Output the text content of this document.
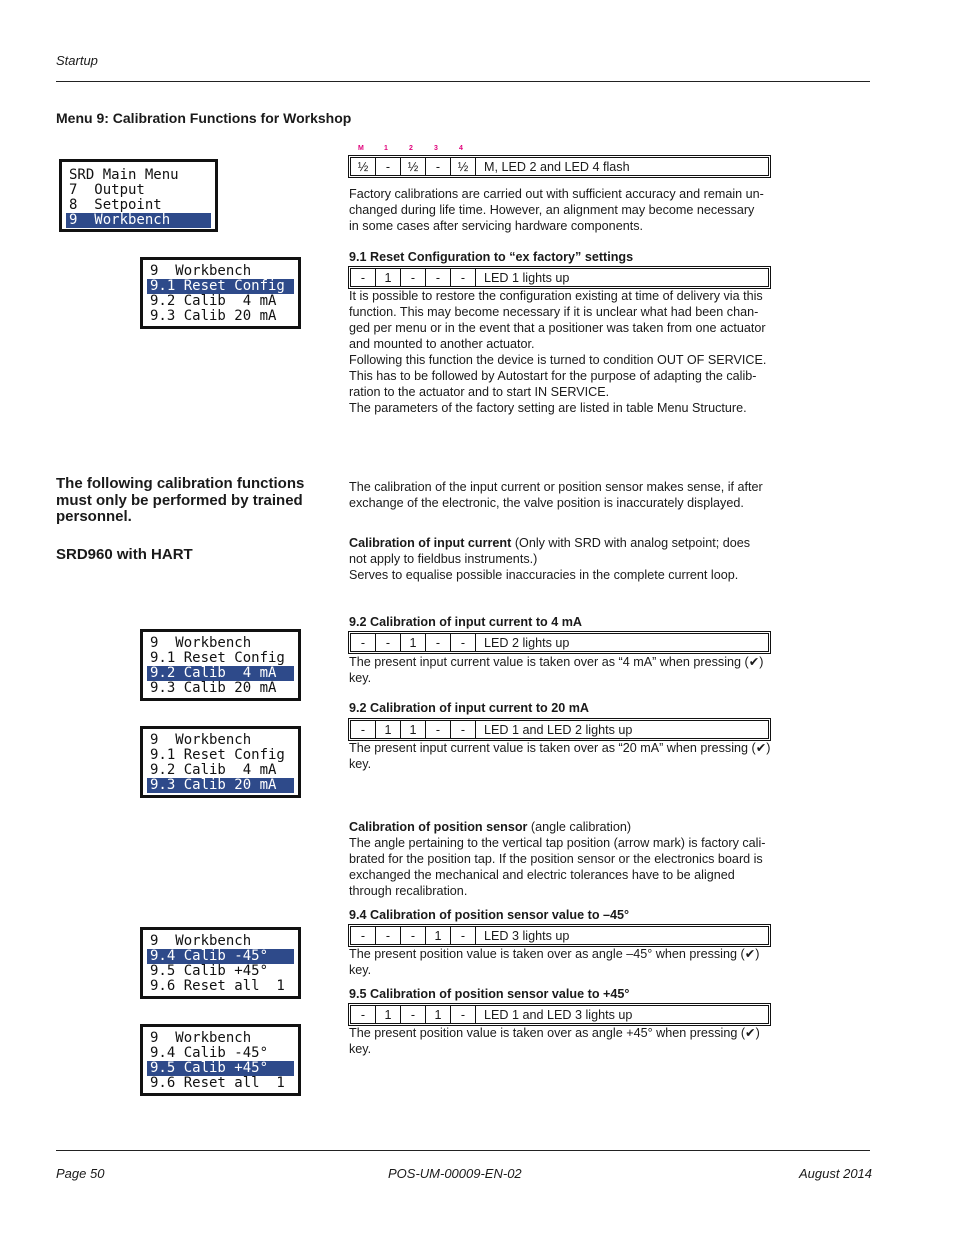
Startup
Menu 9: Calibration Functions for Workshop
SRD Main Menu
7  Output
8  Setpoint
9  Workbench
M	1	2	3	4
½	-	½	-	½	M, LED 2 and LED 4 flash
Factory calibrations are carried out with sufficient accuracy and remain un-
changed during life time. However, an alignment may become necessary
in some cases after servicing hardware components.
9.1 Reset Configuration to “ex factory” settings
-	1	-	-	-	LED 1 lights up
It is possible to restore the configuration existing at time of delivery via this
function. This may become necessary if it is unclear what had been chan-
ged per menu or in the event that a positioner was taken from one actuator
and mounted to another actuator.
Following this function the device is turned to condition OUT OF SERVICE.
This has to be followed by Autostart for the purpose of adapting the calib-
ration to the actuator and to start IN SERVICE.
The parameters of the factory setting are listed in table Menu Structure.
9  Workbench
9.1 Reset Config
9.2 Calib  4 mA
9.3 Calib 20 mA
The following calibration functions must only be performed by trained personnel.
SRD960 with HART
The calibration of the input current or position sensor makes sense, if after
exchange of the electronic, the valve position is inaccurately displayed.
Calibration of input current (Only with SRD with analog setpoint; does
not apply to fieldbus instruments.)
Serves to equalise possible inaccuracies in the complete current loop.
9.2 Calibration of input current to 4 mA
-	-	1	-	-	LED 2 lights up
The present input current value is taken over as “4 mA” when pressing (✔)
key.
9  Workbench
9.1 Reset Config
9.2 Calib  4 mA
9.3 Calib 20 mA
9.2 Calibration of input current to 20 mA
-	1	1	-	-	LED 1 and LED 2 lights up
The present input current value is taken over as “20 mA” when pressing (✔)
key.
9  Workbench
9.1 Reset Config
9.2 Calib  4 mA
9.3 Calib 20 mA
Calibration of position sensor (angle calibration)
The angle pertaining to the vertical tap position (arrow mark) is factory cali-
brated for the position tap. If the position sensor or the electronics board is
exchanged the mechanical and electric tolerances have to be aligned
through recalibration.
9.4 Calibration of position sensor value to –45°
-	-	-	1	-	LED 3 lights up
The present position value is taken over as angle –45° when pressing (✔)
key.
9  Workbench
9.4 Calib -45°
9.5 Calib +45°
9.6 Reset all  1	9.5 Calibration of position sensor value to +45°
-	1	-	1	-	LED 1 and LED 3 lights up
The present position value is taken over as angle +45° when pressing (✔)
key.
9  Workbench
9.4 Calib -45°
9.5 Calib +45°
9.6 Reset all  1
Page 50	POS-UM-00009-EN-02	August 2014
